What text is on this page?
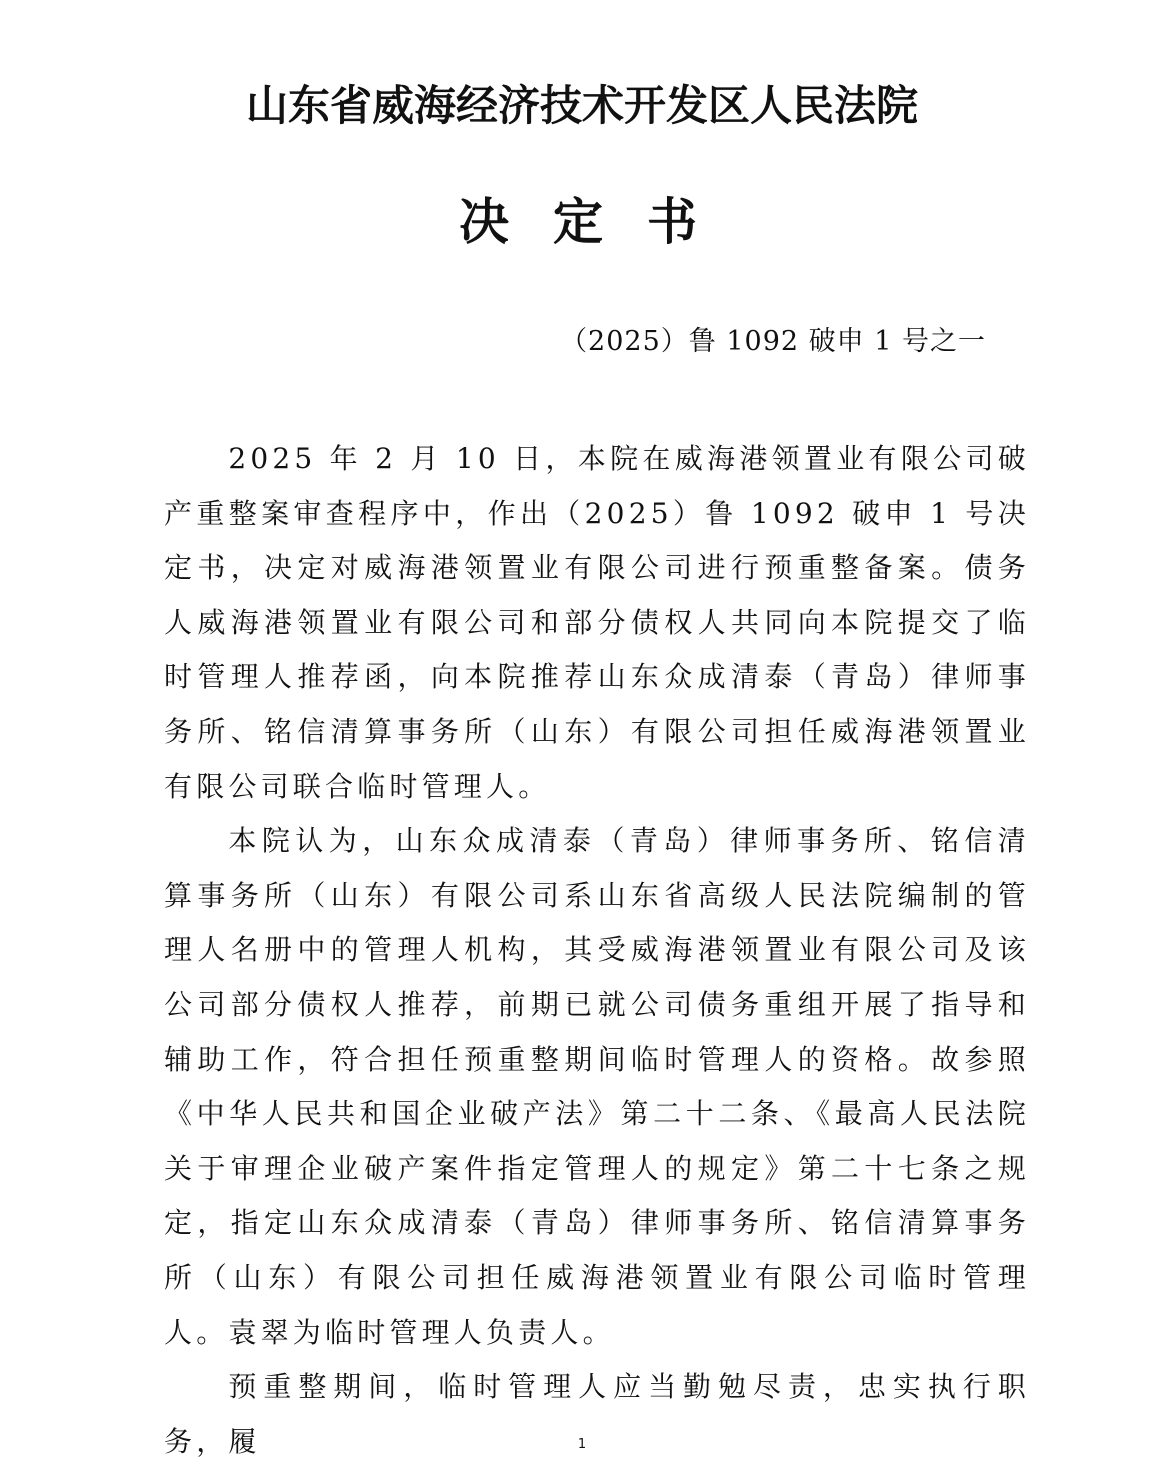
山东省威海经济技术开发区人民法院
决定书
（2025）鲁 1092 破申 1 号之一

2025 年 2 月 10 日，本院在威海港领置业有限公司破产重整案审查程序中，作出（2025）鲁 1092 破申 1 号决定书，决定对威海港领置业有限公司进行预重整备案。债务人威海港领置业有限公司和部分债权人共同向本院提交了临时管理人推荐函，向本院推荐山东众成清泰（青岛）律师事务所、铭信清算事务所（山东）有限公司担任威海港领置业有限公司联合临时管理人。

本院认为，山东众成清泰（青岛）律师事务所、铭信清算事务所（山东）有限公司系山东省高级人民法院编制的管理人名册中的管理人机构，其受威海港领置业有限公司及该公司部分债权人推荐，前期已就公司债务重组开展了指导和辅助工作，符合担任预重整期间临时管理人的资格。故参照《中华人民共和国企业破产法》第二十二条、《最高人民法院关于审理企业破产案件指定管理人的规定》第二十七条之规定，指定山东众成清泰（青岛）律师事务所、铭信清算事务所（山东）有限公司担任威海港领置业有限公司临时管理人。袁翠为临时管理人负责人。

预重整期间，临时管理人应当勤勉尽责，忠实执行职务，履	1
